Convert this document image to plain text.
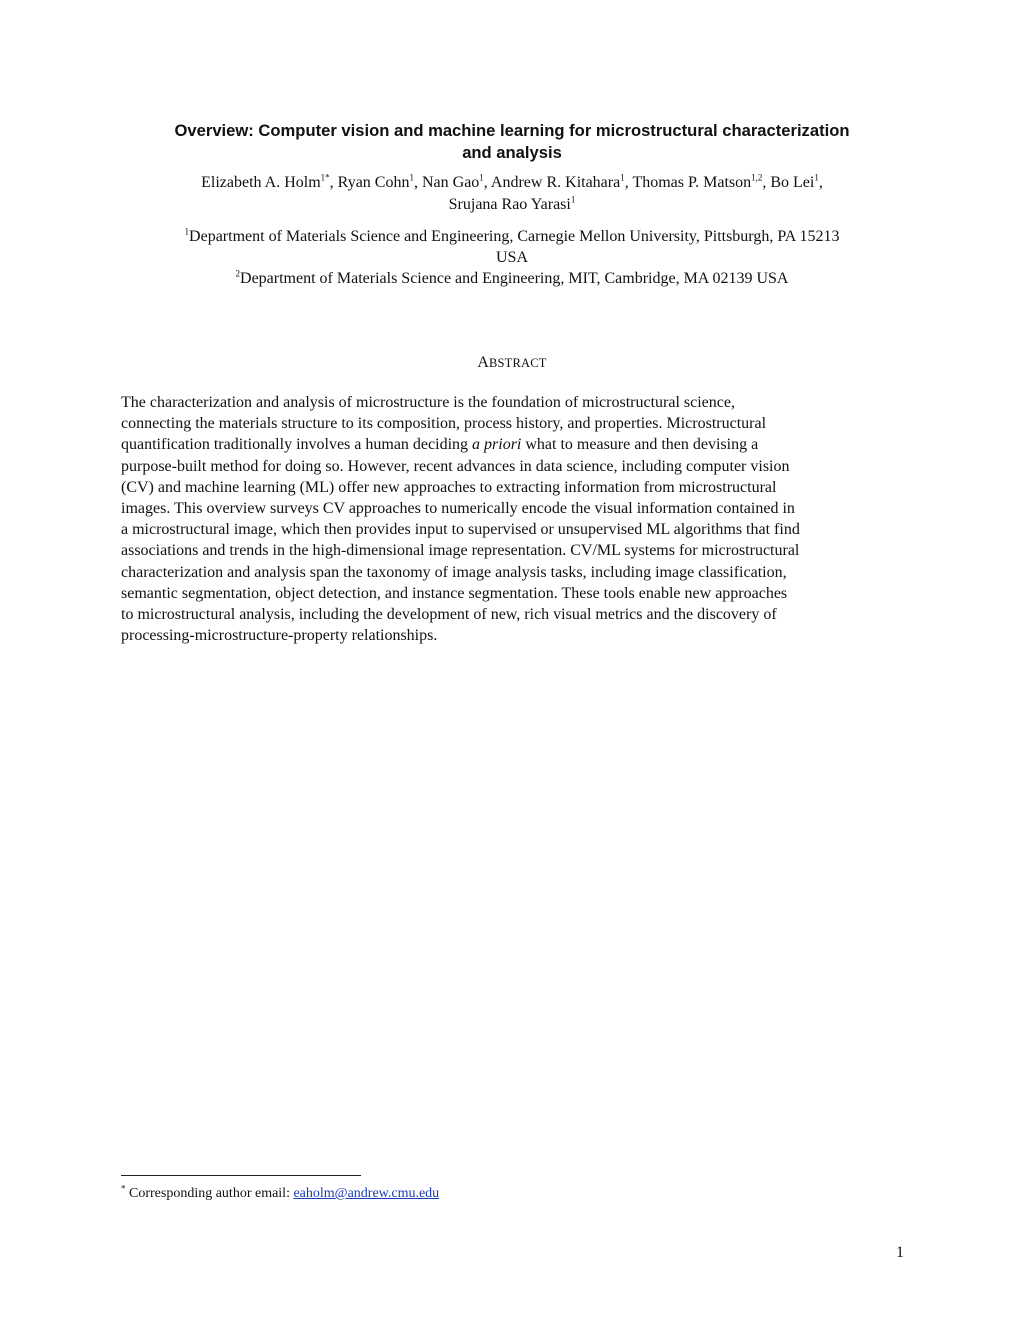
Overview: Computer vision and machine learning for microstructural characterization
and analysis
Elizabeth A. Holm$^{1*}$, Ryan Cohn$^1$, Nan Gao$^1$, Andrew R. Kitahara$^1$, Thomas P. Matson$^{1,2}$, Bo Lei$^1$,
Srujana Rao Yarasi$^1$
$^1$Department of Materials Science and Engineering, Carnegie Mellon University, Pittsburgh, PA 15213
USA
$^2$Department of Materials Science and Engineering, MIT, Cambridge, MA 02139 USA
ABSTRACT
The characterization and analysis of microstructure is the foundation of microstructural science,
connecting the materials structure to its composition, process history, and properties. Microstructural
quantification traditionally involves a human deciding a priori what to measure and then devising a
purpose-built method for doing so. However, recent advances in data science, including computer vision
(CV) and machine learning (ML) offer new approaches to extracting information from microstructural
images. This overview surveys CV approaches to numerically encode the visual information contained in
a microstructural image, which then provides input to supervised or unsupervised ML algorithms that find
associations and trends in the high-dimensional image representation. CV/ML systems for microstructural
characterization and analysis span the taxonomy of image analysis tasks, including image classification,
semantic segmentation, object detection, and instance segmentation. These tools enable new approaches
to microstructural analysis, including the development of new, rich visual metrics and the discovery of
processing-microstructure-property relationships.
* Corresponding author email: eaholm@andrew.cmu.edu
1
